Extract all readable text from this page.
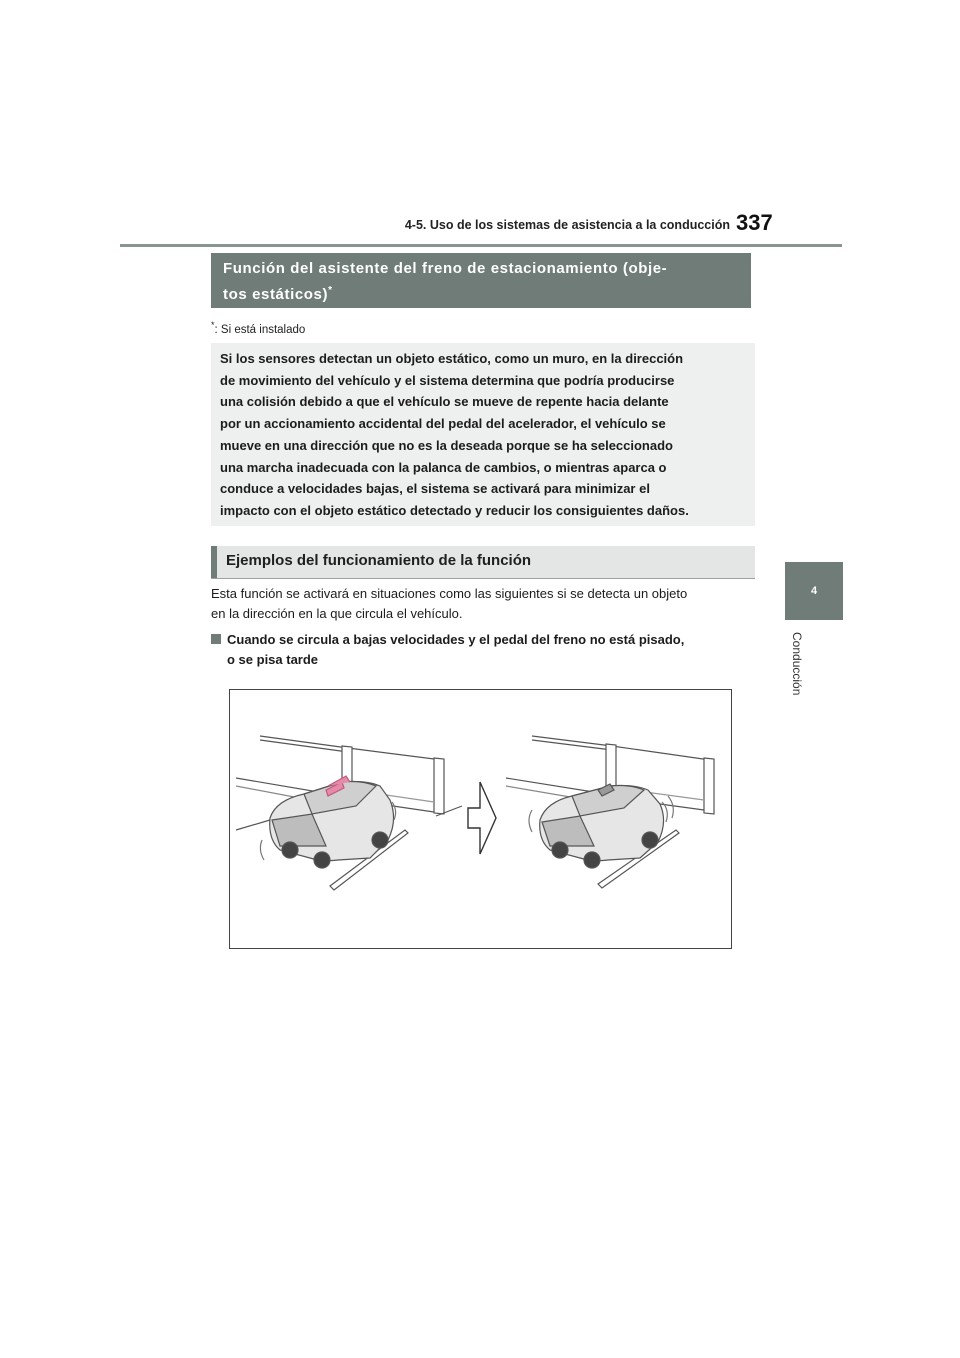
4-5. Uso de los sistemas de asistencia a la conducción 337
4
Conducción
Función del asistente del freno de estacionamiento (obje-
tos estáticos)*
*: Si está instalado
Si los sensores detectan un objeto estático, como un muro, en la dirección
de movimiento del vehículo y el sistema determina que podría producirse
una colisión debido a que el vehículo se mueve de repente hacia delante
por un accionamiento accidental del pedal del acelerador, el vehículo se
mueve en una dirección que no es la deseada porque se ha seleccionado
una marcha inadecuada con la palanca de cambios, o mientras aparca o
conduce a velocidades bajas, el sistema se activará para minimizar el
impacto con el objeto estático detectado y reducir los consiguientes daños.
Ejemplos del funcionamiento de la función
Esta función se activará en situaciones como las siguientes si se detecta un objeto
en la dirección en la que circula el vehículo.
Cuando se circula a bajas velocidades y el pedal del freno no está pisado,
o se pisa tarde
